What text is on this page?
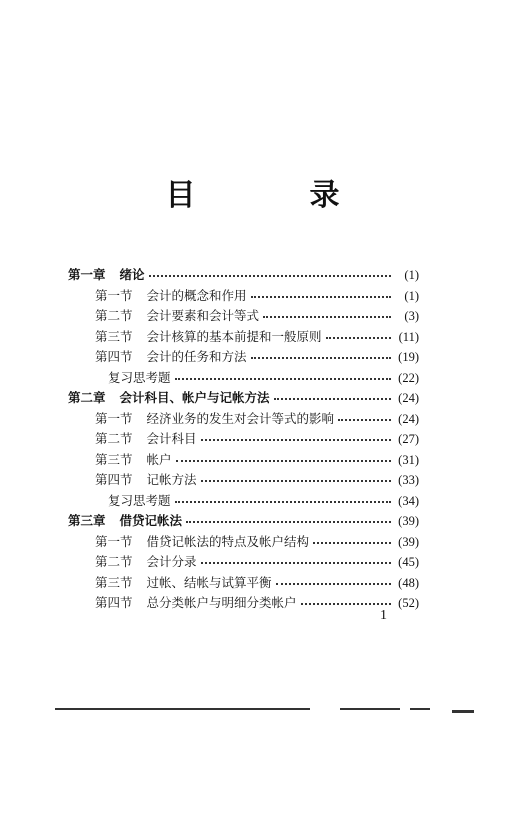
目　录
第一章 绪论	(1)
第一节 会计的概念和作用	(1)
第二节 会计要素和会计等式	(3)
第三节 会计核算的基本前提和一般原则	(11)
第四节 会计的任务和方法	(19)
复习思考题	(22)
第二章 会计科目、帐户与记帐方法	(24)
第一节 经济业务的发生对会计等式的影响	(24)
第二节 会计科目	(27)
第三节 帐户	(31)
第四节 记帐方法	(33)
复习思考题	(34)
第三章 借贷记帐法	(39)
第一节 借贷记帐法的特点及帐户结构	(39)
第二节 会计分录	(45)
第三节 过帐、结帐与试算平衡	(48)
第四节 总分类帐户与明细分类帐户	(52)
1
